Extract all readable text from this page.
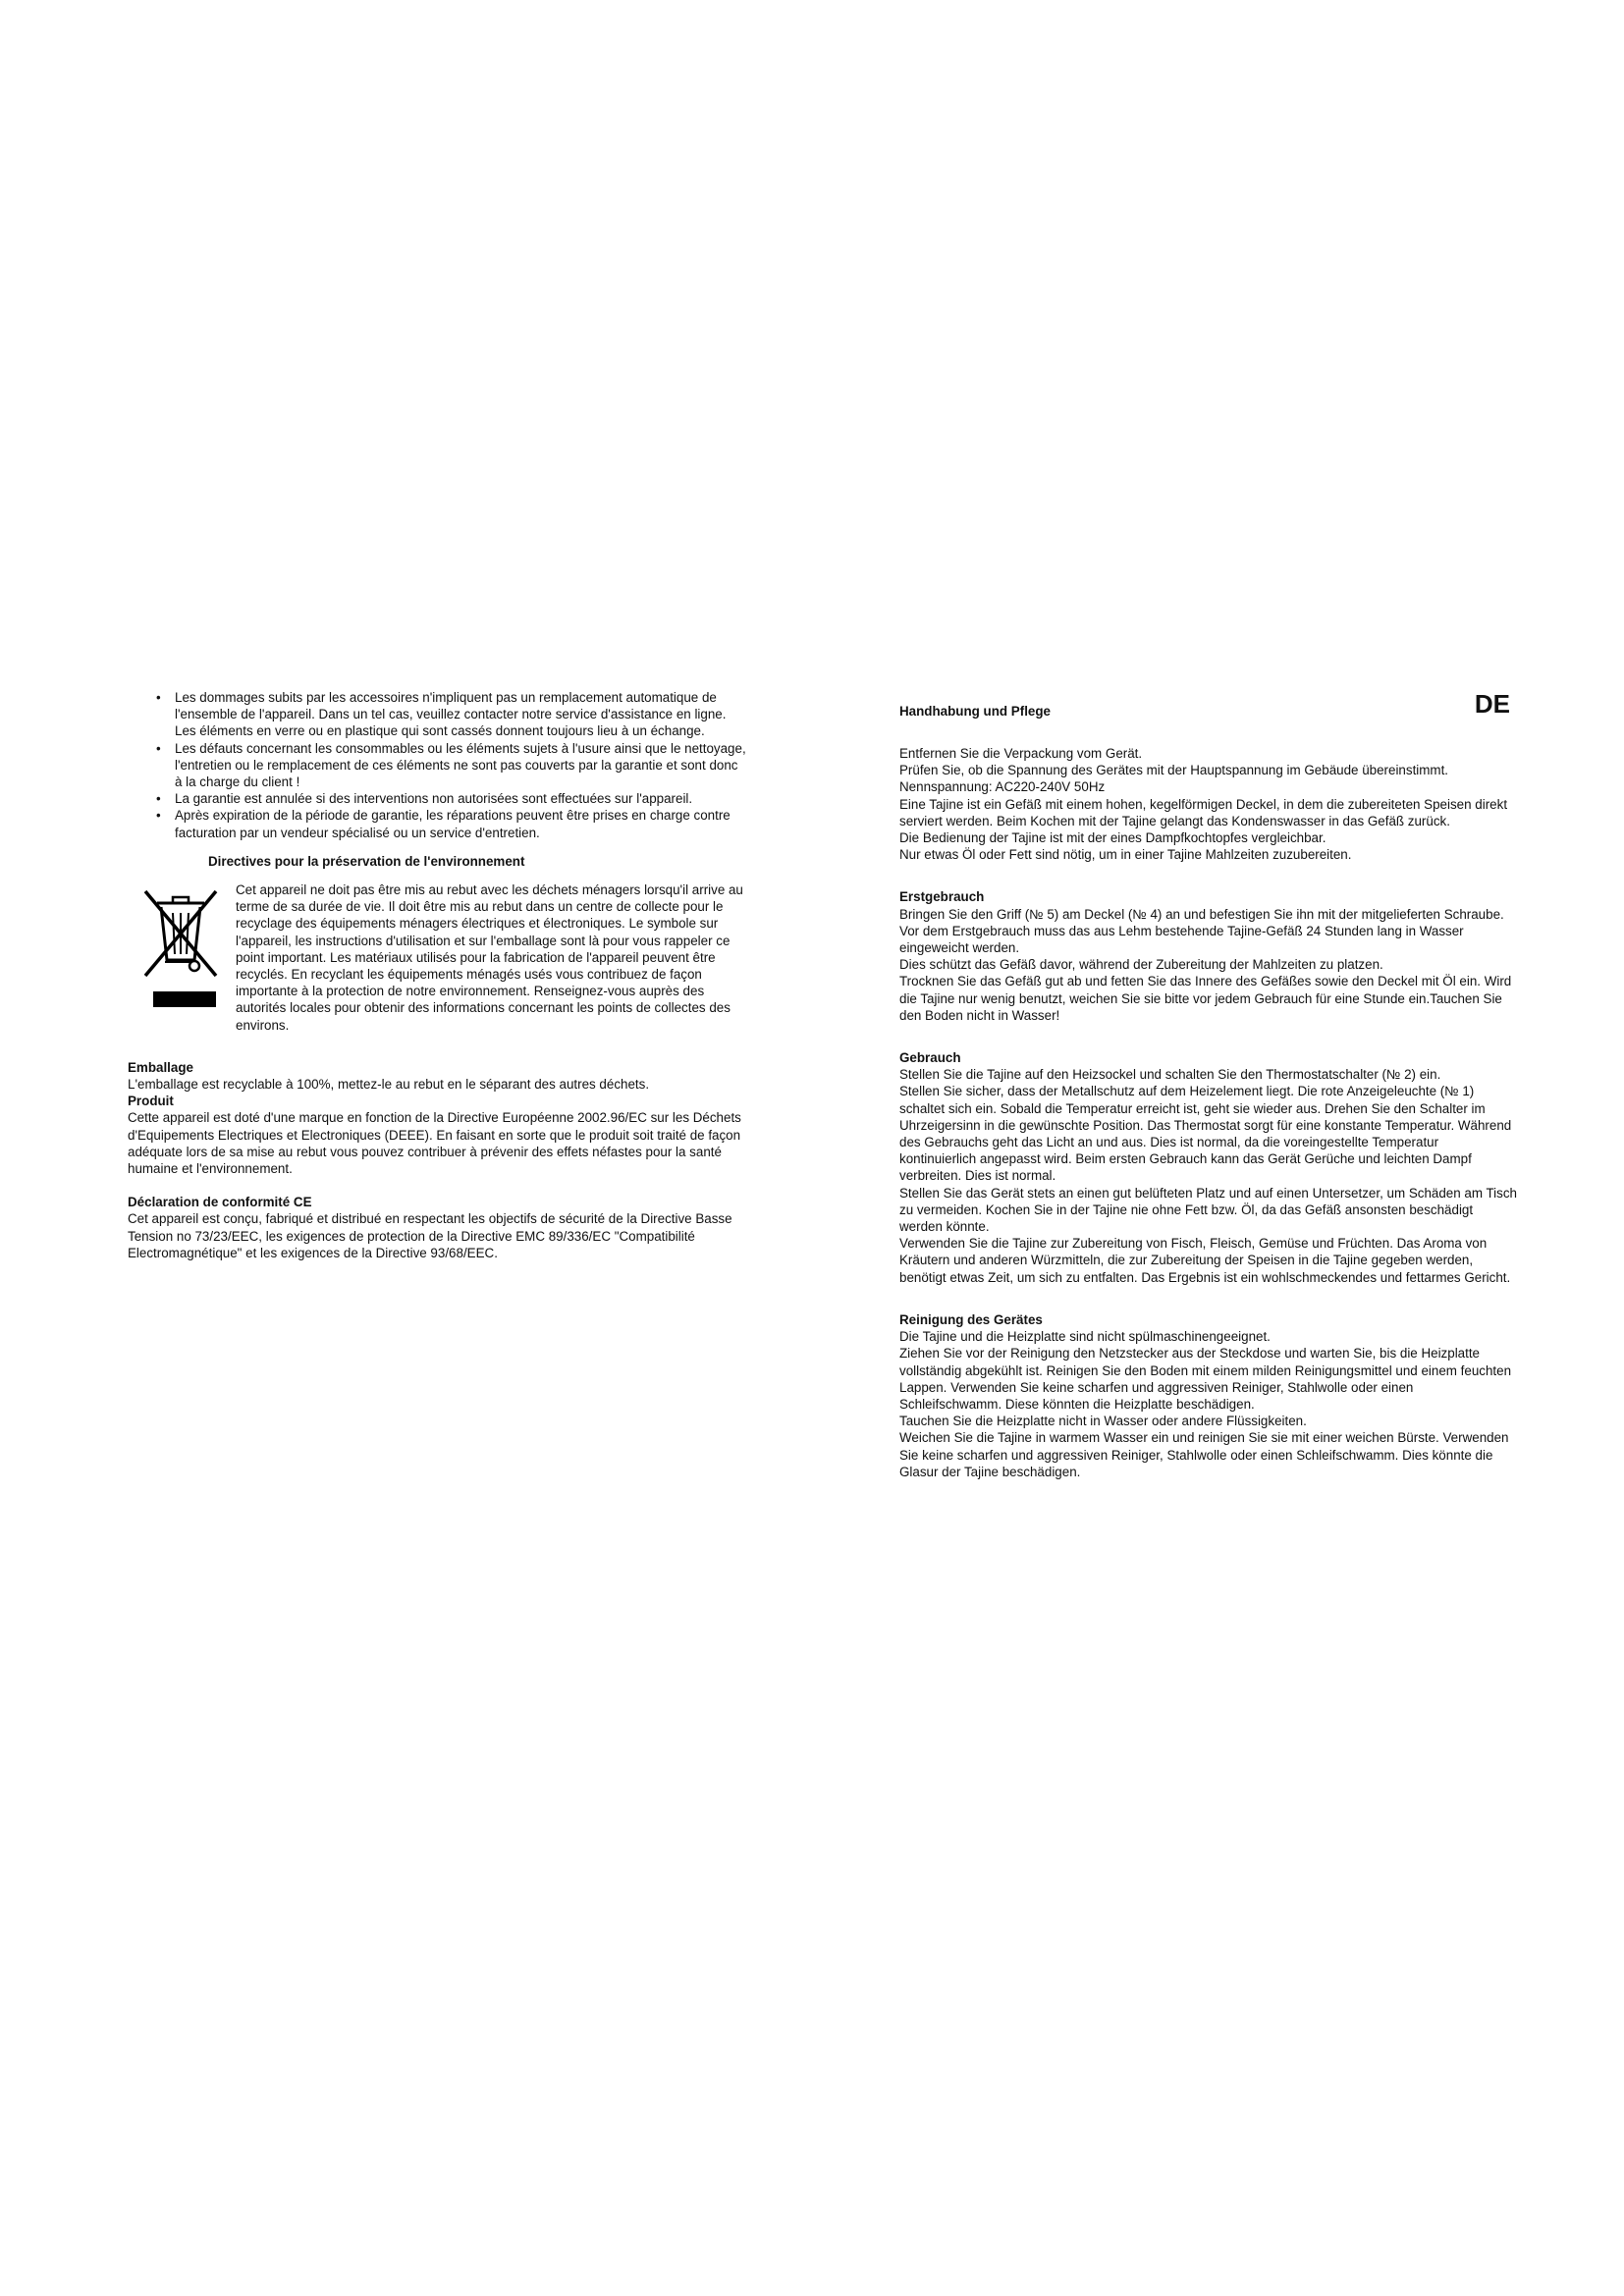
• Les dommages subits par les accessoires n'impliquent pas un remplacement automatique de l'ensemble de l'appareil. Dans un tel cas, veuillez contacter notre service d'assistance en ligne. Les éléments en verre ou en plastique qui sont cassés donnent toujours lieu à un échange.
• Les défauts concernant les consommables ou les éléments sujets à l'usure ainsi que le nettoyage, l'entretien ou le remplacement de ces éléments ne sont pas couverts par la garantie et sont donc à la charge du client !
• La garantie est annulée si des interventions non autorisées sont effectuées sur l'appareil.
• Après expiration de la période de garantie, les réparations peuvent être prises en charge contre facturation par un vendeur spécialisé ou un service d'entretien.
Directives pour la préservation de l'environnement

Cet appareil ne doit pas être mis au rebut avec les déchets ménagers lorsqu'il arrive au terme de sa durée de vie. Il doit être mis au rebut dans un centre de collecte pour le recyclage des équipements ménagers électriques et électroniques. Le symbole sur l'appareil, les instructions d'utilisation et sur l'emballage sont là pour vous rappeler ce point important. Les matériaux utilisés pour la fabrication de l'appareil peuvent être recyclés. En recyclant les équipements ménagés usés vous contribuez de façon importante à la protection de notre environnement. Renseignez-vous auprès des autorités locales pour obtenir des informations concernant les points de collectes des environs.

Emballage

L'emballage est recyclable à 100%, mettez-le au rebut en le séparant des autres déchets.

Produit

Cette appareil est doté d'une marque en fonction de la Directive Européenne 2002.96/EC sur les Déchets d'Equipements Electriques et Electroniques (DEEE). En faisant en sorte que le produit soit traité de façon adéquate lors de sa mise au rebut vous pouvez contribuer à prévenir des effets néfastes pour la santé humaine et l'environnement.

Déclaration de conformité CE

Cet appareil est conçu, fabriqué et distribué en respectant les objectifs de sécurité de la Directive Basse Tension no 73/23/EEC, les exigences de protection de la Directive EMC 89/336/EC "Compatibilité Electromagnétique" et les exigences de la Directive 93/68/EEC.

Handhabung und Pflege	DE

Entfernen Sie die Verpackung vom Gerät.

Prüfen Sie, ob die Spannung des Gerätes mit der Hauptspannung im Gebäude übereinstimmt.

Nennspannung: AC220-240V 50Hz

Eine Tajine ist ein Gefäß mit einem hohen, kegelförmigen Deckel, in dem die zubereiteten Speisen direkt serviert werden. Beim Kochen mit der Tajine gelangt das Kondenswasser in das Gefäß zurück.

Die Bedienung der Tajine ist mit der eines Dampfkochtopfes vergleichbar.

Nur etwas Öl oder Fett sind nötig, um in einer Tajine Mahlzeiten zuzubereiten.

Erstgebrauch

Bringen Sie den Griff (№ 5) am Deckel (№ 4) an und befestigen Sie ihn mit der mitgelieferten Schraube.

Vor dem Erstgebrauch muss das aus Lehm bestehende Tajine-Gefäß 24 Stunden lang in Wasser eingeweicht werden.

Dies schützt das Gefäß davor, während der Zubereitung der Mahlzeiten zu platzen.

Trocknen Sie das Gefäß gut ab und fetten Sie das Innere des Gefäßes sowie den Deckel mit Öl ein. Wird die Tajine nur wenig benutzt, weichen Sie sie bitte vor jedem Gebrauch für eine Stunde ein.Tauchen Sie den Boden nicht in Wasser!

Gebrauch

Stellen Sie die Tajine auf den Heizsockel und schalten Sie den Thermostatschalter (№ 2) ein.

Stellen Sie sicher, dass der Metallschutz auf dem Heizelement liegt. Die rote Anzeigeleuchte (№ 1) schaltet sich ein. Sobald die Temperatur erreicht ist, geht sie wieder aus. Drehen Sie den Schalter im Uhrzeigersinn in die gewünschte Position. Das Thermostat sorgt für eine konstante Temperatur. Während des Gebrauchs geht das Licht an und aus. Dies ist normal, da die voreingestellte Temperatur kontinuierlich angepasst wird. Beim ersten Gebrauch kann das Gerät Gerüche und leichten Dampf verbreiten. Dies ist normal.

Stellen Sie das Gerät stets an einen gut belüfteten Platz und auf einen Untersetzer, um Schäden am Tisch zu vermeiden. Kochen Sie in der Tajine nie ohne Fett bzw. Öl, da das Gefäß ansonsten beschädigt werden könnte.

Verwenden Sie die Tajine zur Zubereitung von Fisch, Fleisch, Gemüse und Früchten. Das Aroma von Kräutern und anderen Würzmitteln, die zur Zubereitung der Speisen in die Tajine gegeben werden, benötigt etwas Zeit, um sich zu entfalten. Das Ergebnis ist ein wohlschmeckendes und fettarmes Gericht.

Reinigung des Gerätes

Die Tajine und die Heizplatte sind nicht spülmaschinengeeignet.

Ziehen Sie vor der Reinigung den Netzstecker aus der Steckdose und warten Sie, bis die Heizplatte vollständig abgekühlt ist. Reinigen Sie den Boden mit einem milden Reinigungsmittel und einem feuchten Lappen. Verwenden Sie keine scharfen und aggressiven Reiniger, Stahlwolle oder einen Schleifschwamm. Diese könnten die Heizplatte beschädigen.

Tauchen Sie die Heizplatte nicht in Wasser oder andere Flüssigkeiten.

Weichen Sie die Tajine in warmem Wasser ein und reinigen Sie sie mit einer weichen Bürste. Verwenden Sie keine scharfen und aggressiven Reiniger, Stahlwolle oder einen Schleifschwamm. Dies könnte die Glasur der Tajine beschädigen.
